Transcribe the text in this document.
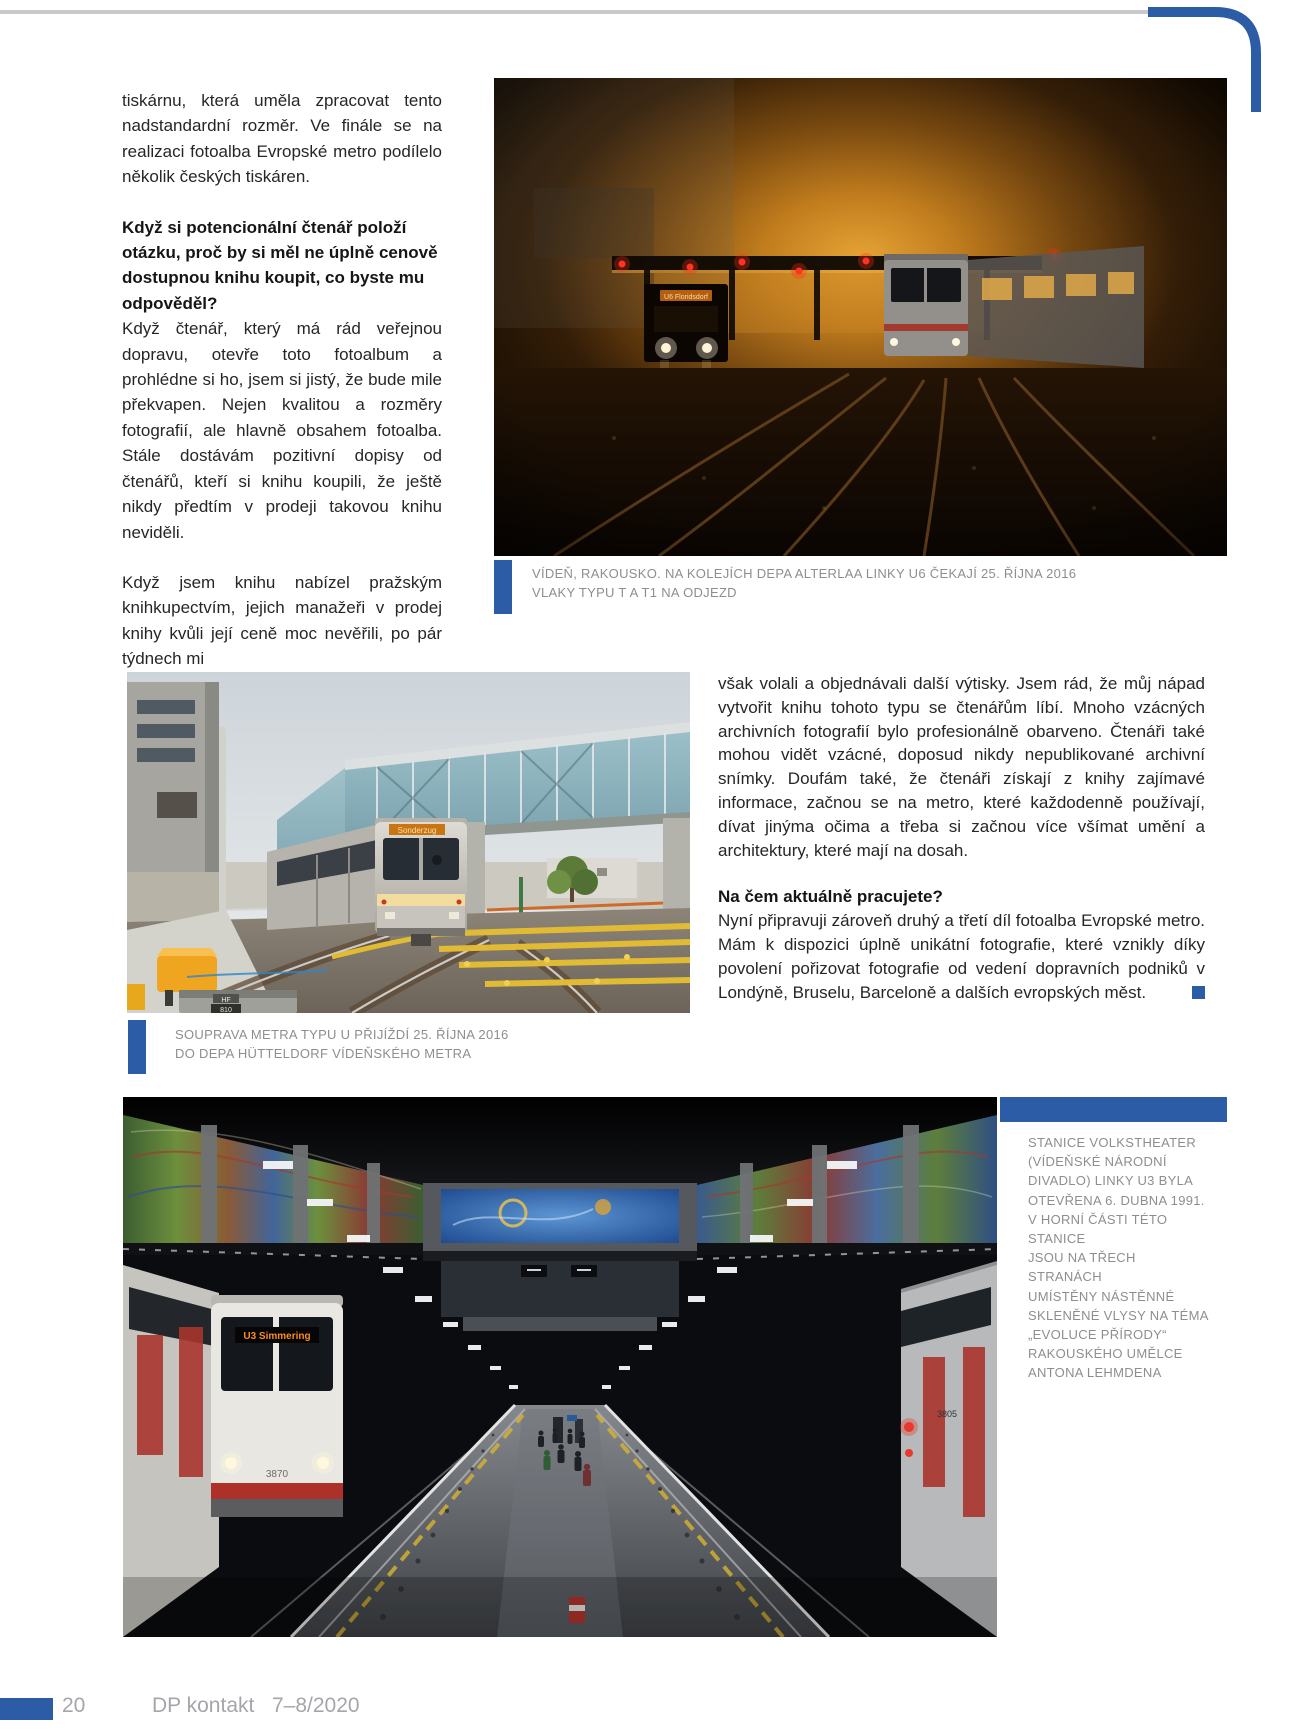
tiskárnu, která uměla zpracovat tento nadstandardní rozměr. Ve finále se na realizaci fotoalba Evropské metro podílelo několik českých tiskáren.

Když si potencionální čtenář položí otázku, proč by si měl ne úplně cenově dostupnou knihu koupit, co byste mu odpověděl?

Když čtenář, který má rád veřejnou dopravu, otevře toto fotoalbum a prohlédne si ho, jsem si jistý, že bude mile překvapen. Nejen kvalitou a rozměry fotografií, ale hlavně obsahem fotoalba. Stále dostávám pozitivní dopisy od čtenářů, kteří si knihu koupili, že ještě nikdy předtím v prodeji takovou knihu neviděli.

Když jsem knihu nabízel pražským knihkupectvím, jejich manažeři v prodej knihy kvůli její ceně moc nevěřili, po pár týdnech mi

VÍDEŇ, RAKOUSKO. NA KOLEJÍCH DEPA ALTERLAA LINKY U6 ČEKAJÍ 25. ŘÍJNA 2016
VLAKY TYPU T A T1 NA ODJEZD
Sonderzug
HF
810
SOUPRAVA METRA TYPU U PŘIJÍŽDÍ 25. ŘÍJNA 2016
DO DEPA HÜTTELDORF VÍDEŇSKÉHO METRA

však volali a objednávali další výtisky. Jsem rád, že můj nápad vytvořit knihu tohoto typu se čtenářům líbí. Mnoho vzácných archivních fotografií bylo profesionálně obarveno. Čtenáři také mohou vidět vzácné, doposud nikdy nepublikované archivní snímky. Doufám také, že čtenáři získají z knihy zajímavé informace, začnou se na metro, které každodenně používají, dívat jinýma očima a třeba si začnou více všímat umění a architektury, které mají na dosah.

Na čem aktuálně pracujete?

Nyní připravuji zároveň druhý a třetí díl fotoalba Evropské metro. Mám k dispozici úplně unikátní fotografie, které vznikly díky povolení pořizovat fotografie od vedení dopravních podniků v Londýně, Bruselu, Barceloně a dalších evropských měst.

STANICE VOLKSTHEATER
(VÍDEŇSKÉ NÁRODNÍ
DIVADLO) LINKY U3 BYLA
OTEVŘENA 6. DUBNA 1991.
V HORNÍ ČÁSTI TÉTO STANICE
JSOU NA TŘECH STRANÁCH
UMÍSTĚNY NÁSTĚNNÉ
SKLENĚNÉ VLYSY NA TÉMA
„EVOLUCE PŘÍRODY“
RAKOUSKÉHO UMĚLCE
ANTONA LEHMDENA
U3 Simmering
3870
3805
20	DP kontakt 7–8/2020
